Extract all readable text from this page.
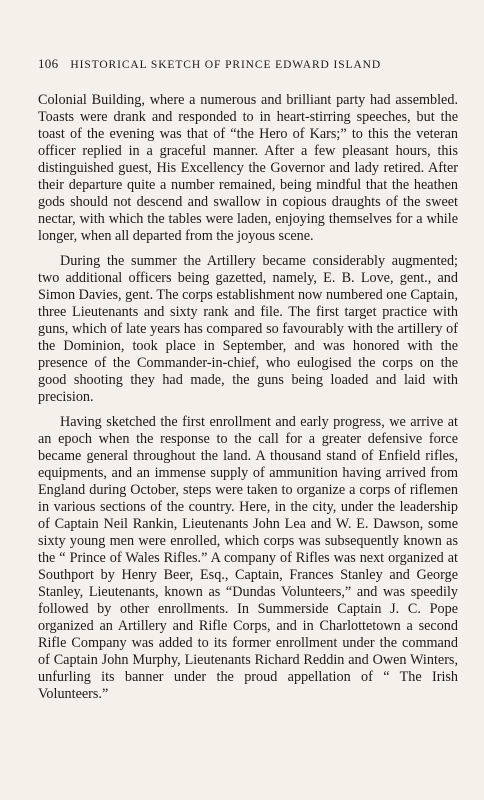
106 HISTORICAL SKETCH OF PRINCE EDWARD ISLAND

Colonial Building, where a numerous and brilliant party had assembled. Toasts were drank and responded to in heart-stirring speeches, but the toast of the evening was that of “the Hero of Kars;” to this the veteran officer replied in a graceful manner. After a few pleasant hours, this distinguished guest, His Excellency the Governor and lady retired. After their departure quite a number remained, being mindful that the heathen gods should not descend and swallow in copious draughts of the sweet nectar, with which the tables were laden, enjoying themselves for a while longer, when all departed from the joyous scene.

During the summer the Artillery became considerably augmented; two additional officers being gazetted, namely, E. B. Love, gent., and Simon Davies, gent. The corps establishment now numbered one Captain, three Lieutenants and sixty rank and file. The first target practice with guns, which of late years has compared so favourably with the artillery of the Dominion, took place in September, and was honored with the presence of the Commander-in-chief, who eulogised the corps on the good shooting they had made, the guns being loaded and laid with precision.

Having sketched the first enrollment and early progress, we arrive at an epoch when the response to the call for a greater defensive force became general throughout the land. A thousand stand of Enfield rifles, equipments, and an immense supply of ammunition having arrived from England during October, steps were taken to organize a corps of riflemen in various sections of the country. Here, in the city, under the leadership of Captain Neil Rankin, Lieutenants John Lea and W. E. Dawson, some sixty young men were enrolled, which corps was subsequently known as the “ Prince of Wales Rifles.” A company of Rifles was next organized at Southport by Henry Beer, Esq., Captain, Frances Stanley and George Stanley, Lieutenants, known as “Dundas Volunteers,” and was speedily followed by other enrollments. In Summerside Captain J. C. Pope organized an Artillery and Rifle Corps, and in Charlottetown a second Rifle Company was added to its former enrollment under the command of Captain John Murphy, Lieutenants Richard Reddin and Owen Winters, unfurling its banner under the proud appellation of “ The Irish Volunteers.”
